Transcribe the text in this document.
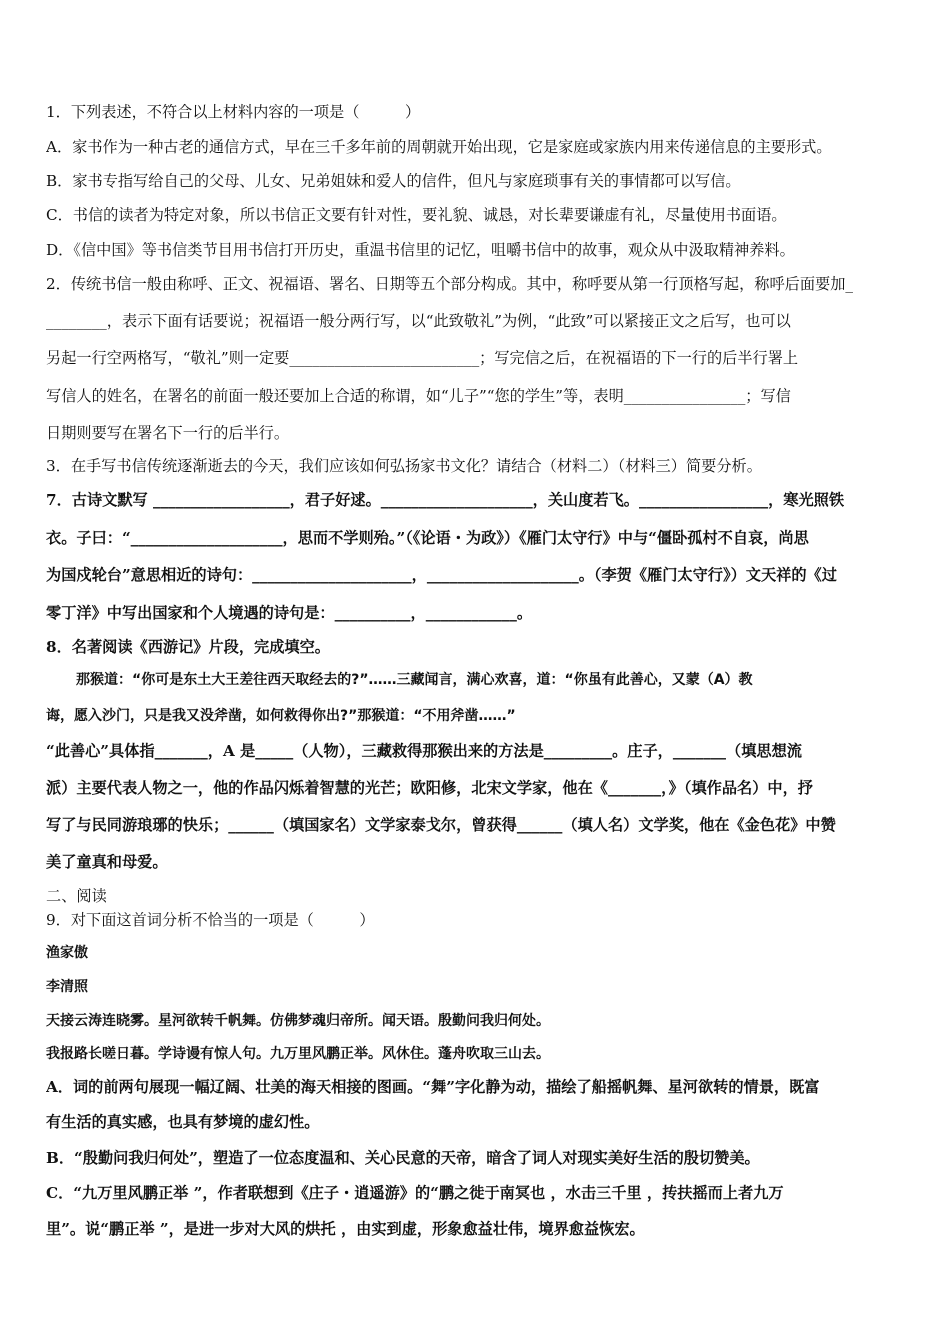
1．下列表述，不符合以上材料内容的一项是（　　　）
A．家书作为一种古老的通信方式，早在三千多年前的周朝就开始出现，它是家庭或家族内用来传递信息的主要形式。
B．家书专指写给自己的父母、儿女、兄弟姐妹和爱人的信件，但凡与家庭琐事有关的事情都可以写信。
C．书信的读者为特定对象，所以书信正文要有针对性，要礼貌、诚恳，对长辈要谦虚有礼，尽量使用书面语。
D．《信中国》等书信类节目用书信打开历史，重温书信里的记忆，咀嚼书信中的故事，观众从中汲取精神养料。
2．传统书信一般由称呼、正文、祝福语、署名、日期等五个部分构成。其中，称呼要从第一行顶格写起，称呼后面要加_
________，表示下面有话要说；祝福语一般分两行写，以“此致敬礼”为例，“此致”可以紧接正文之后写，也可以
另起一行空两格写，“敬礼”则一定要_________________________；写完信之后，在祝福语的下一行的后半行署上
写信人的姓名，在署名的前面一般还要加上合适的称谓，如“儿子”“您的学生”等，表明________________；写信
日期则要写在署名下一行的后半行。
3．在手写书信传统逐渐逝去的今天，我们应该如何弘扬家书文化？请结合（材料二）（材料三）简要分析。
7．古诗文默写 __________________，君子好逑。____________________，关山度若飞。_________________，寒光照铁
衣。子曰：“____________________，思而不学则殆。”（《论语・为政》）《雁门太守行》中与“僵卧孤村不自哀，尚思
为国戍轮台”意思相近的诗句：_____________________，____________________。（李贺《雁门太守行》）文天祥的《过
零丁洋》中写出国家和个人境遇的诗句是：__________，____________。
8．名著阅读《西游记》片段，完成填空。
那猴道：“你可是东土大王差往西天取经去的?”……三藏闻言，满心欢喜，道：“你虽有此善心，又蒙（A）教
诲，愿入沙门，只是我又没斧凿，如何救得你出?”那猴道：“不用斧凿……”
“此善心”具体指_______，A 是_____（人物），三藏救得那猴出来的方法是_________。庄子，_______（填思想流
派）主要代表人物之一，他的作品闪烁着智慧的光芒；欧阳修，北宋文学家，他在《_______，》（填作品名）中，抒
写了与民同游琅琊的快乐；______（填国家名）文学家泰戈尔，曾获得______（填人名）文学奖，他在《金色花》中赞
美了童真和母爱。
二、阅读
9．对下面这首词分析不恰当的一项是（　　　）
渔家傲
李清照
天接云涛连晓雾。星河欲转千帆舞。仿佛梦魂归帝所。闻天语。殷勤问我归何处。
我报路长嗟日暮。学诗谩有惊人句。九万里风鹏正举。风休住。蓬舟吹取三山去。
A．词的前两句展现一幅辽阔、壮美的海天相接的图画。“舞”字化静为动，描绘了船摇帆舞、星河欲转的情景，既富
有生活的真实感，也具有梦境的虚幻性。
B．“殷勤问我归何处”，塑造了一位态度温和、关心民意的天帝，暗含了词人对现实美好生活的殷切赞美。
C．“九万里风鹏正举 ”，作者联想到《庄子・逍遥游》的“鹏之徙于南冥也 ，水击三千里 ，抟扶摇而上者九万
里”。说“鹏正举 ”，是进一步对大风的烘托 ，由实到虚，形象愈益壮伟，境界愈益恢宏。
